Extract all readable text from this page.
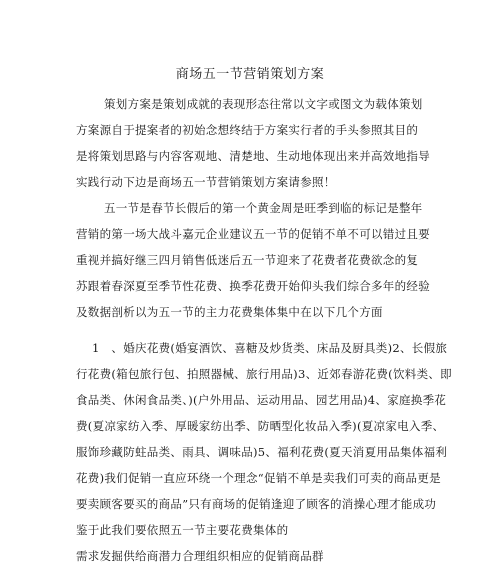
商场五一节营销策划方案
策划方案是策划成就的表现形态往常以文字或图文为载体策划
方案源自于提案者的初始念想终结于方案实行者的手头参照其目的
是将策划思路与内容客观地、清楚地、生动地体现出来并高效地指导
实践行动下边是商场五一节营销策划方案请参照！
五一节是春节长假后的第一个黄金周是旺季到临的标记是整年
营销的第一场大战斗嘉元企业建议五一节的促销不单不可以错过且要
重视并搞好继三四月销售低迷后五一节迎来了花费者花费欲念的复
苏跟着春深夏至季节性花费、换季花费开始仰头我们综合多年的经验
及数据剖析以为五一节的主力花费集体集中在以下几个方面
1　、婚庆花费(婚宴酒饮、喜糖及炒货类、床品及厨具类)2、长假旅
行花费(箱包旅行包、拍照器械、旅行用品)3、近郊春游花费(饮料类、即
食品类、休闲食品类、)(户外用品、运动用品、园艺用品)4、家庭换季花
费(夏凉家纺入季、厚暖家纺出季、防晒型化妆品入季)(夏凉家电入季、
服饰珍藏防蛀品类、雨具、调味品)5、福利花费(夏天消夏用品集体福利
花费)我们促销一直应环绕一个理念“促销不单是卖我们可卖的商品更是
要卖顾客要买的商品”只有商场的促销逢迎了顾客的消操心理才能成功
鉴于此我们要依照五一节主要花费集体的
需求发掘供给商潜力合理组织相应的促销商品群
